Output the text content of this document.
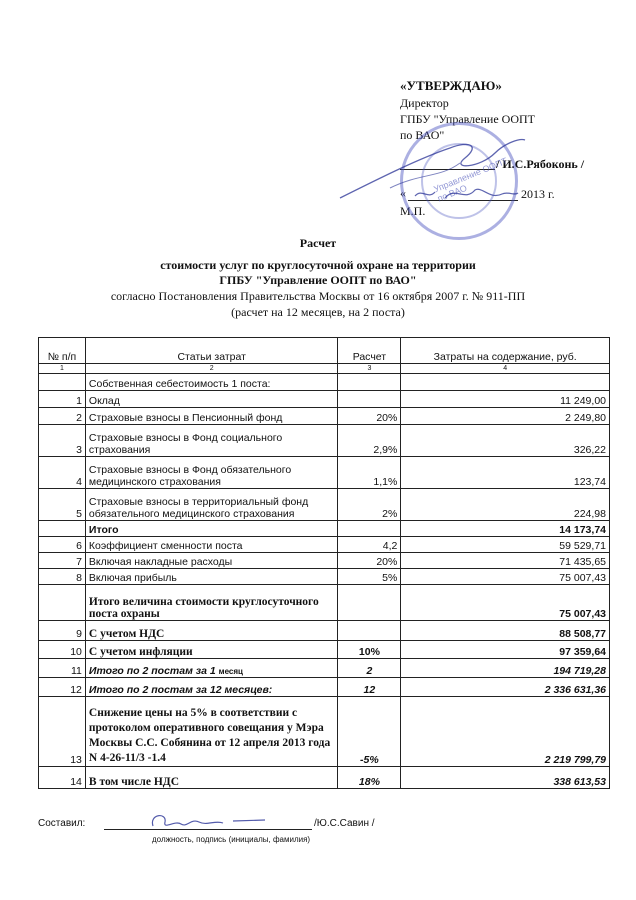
«УТВЕРЖДАЮ»
Директор
ГПБУ "Управление ООПТ
по ВАО"
/ И.С.Рябоконь /
«	2013 г.
М.П.
Управление ООПТ по ВАО
Расчет
стоимости услуг по круглосуточной охране на территории
ГПБУ "Управление ООПТ по ВАО"
согласно Постановления Правительства Москвы от 16 октября 2007 г. № 911-ПП
(расчет на 12 месяцев, на 2 поста)
№ п/п	Статьи затрат	Расчет	Затраты на содержание, руб.
1	2	3	4
	Собственная себестоимость 1 поста:		
1	Оклад		11 249,00
2	Страховые взносы в Пенсионный фонд	20%	2 249,80
3	Страховые взносы в Фонд социального страхования	2,9%	326,22
4	Страховые взносы в Фонд обязательного медицинского страхования	1,1%	123,74
5	Страховые взносы в территориальный фонд обязательного медицинского страхования	2%	224,98
	Итого		14 173,74
6	Коэффициент сменности поста	4,2	59 529,71
7	Включая накладные расходы	20%	71 435,65
8	Включая прибыль	5%	75 007,43
	Итого величина стоимости круглосуточного поста охраны		75 007,43
9	С учетом НДС		88 508,77
10	С учетом инфляции	10%	97 359,64
11	Итого по 2 постам за 1 месяц	2	194 719,28
12	Итого по 2 постам за 12 месяцев:	12	2 336 631,36
13	Снижение цены на 5% в соответствии с протоколом оперативного совещания у Мэра Москвы С.С. Собянина от 12 апреля 2013 года N 4-26-11/3 -1.4	-5%	2 219 799,79
14	В том числе НДС	18%	338 613,53
Составил:	/Ю.С.Савин /
должность, подпись (инициалы, фамилия)
